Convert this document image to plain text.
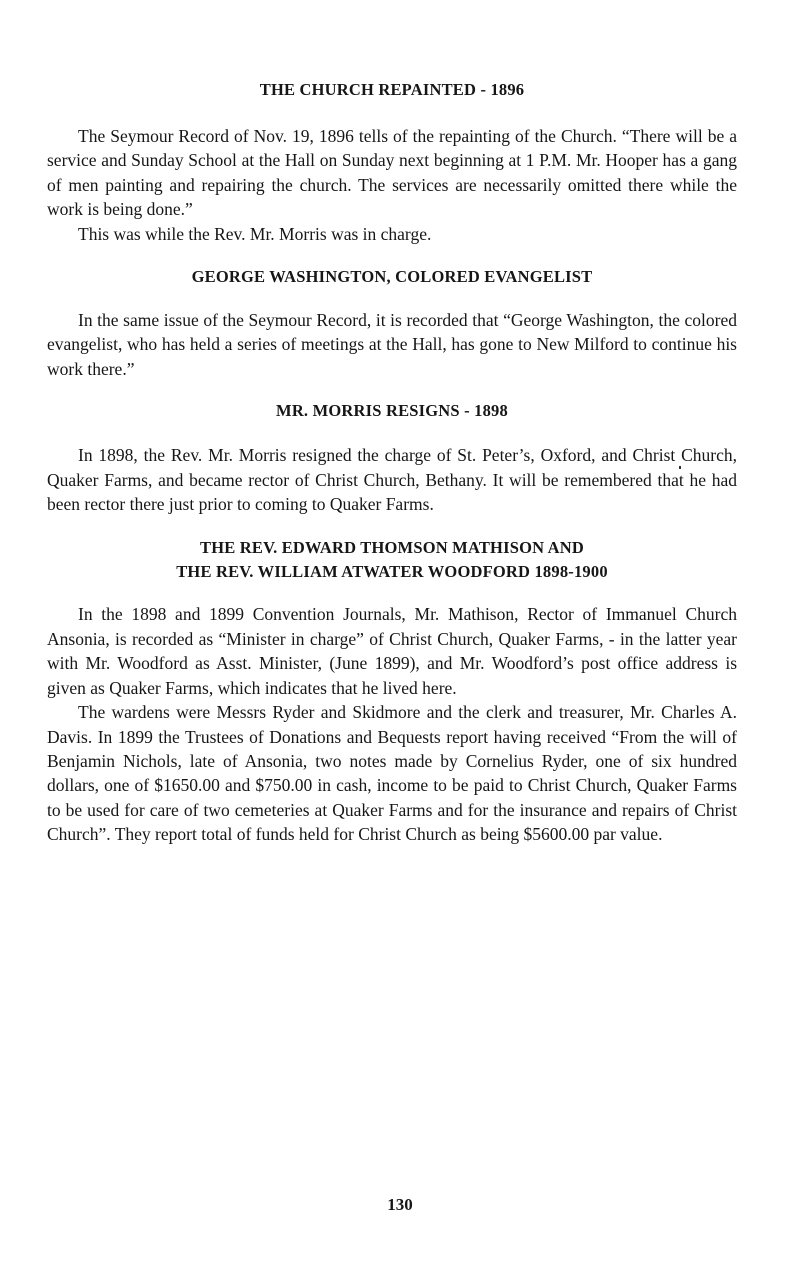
THE CHURCH REPAINTED - 1896

The Seymour Record of Nov. 19, 1896 tells of the repainting of the Church. “There will be a service and Sunday School at the Hall on Sunday next beginning at 1 P.M. Mr. Hooper has a gang of men painting and repairing the church. The services are necessarily omitted there while the work is being done.”

This was while the Rev. Mr. Morris was in charge.

GEORGE WASHINGTON, COLORED EVANGELIST

In the same issue of the Seymour Record, it is recorded that “George Washington, the colored evangelist, who has held a series of meetings at the Hall, has gone to New Milford to continue his work there.”

MR. MORRIS RESIGNS - 1898

In 1898, the Rev. Mr. Morris resigned the charge of St. Peter’s, Oxford, and Christ Church, Quaker Farms, and became rector of Christ Church, Bethany. It will be remembered that he had been rector there just prior to coming to Quaker Farms.

THE REV. EDWARD THOMSON MATHISON AND
THE REV. WILLIAM ATWATER WOODFORD 1898-1900

In the 1898 and 1899 Convention Journals, Mr. Mathison, Rector of Immanuel Church Ansonia, is recorded as “Minister in charge” of Christ Church, Quaker Farms, - in the latter year with Mr. Woodford as Asst. Minister, (June 1899), and Mr. Woodford’s post office address is given as Quaker Farms, which indicates that he lived here.

The wardens were Messrs Ryder and Skidmore and the clerk and treasurer, Mr. Charles A. Davis. In 1899 the Trustees of Donations and Bequests report having received “From the will of Benjamin Nichols, late of Ansonia, two notes made by Cornelius Ryder, one of six hundred dollars, one of $1650.00 and $750.00 in cash, income to be paid to Christ Church, Quaker Farms to be used for care of two cemeteries at Quaker Farms and for the insurance and repairs of Christ Church”. They report total of funds held for Christ Church as being $5600.00 par value.

130
